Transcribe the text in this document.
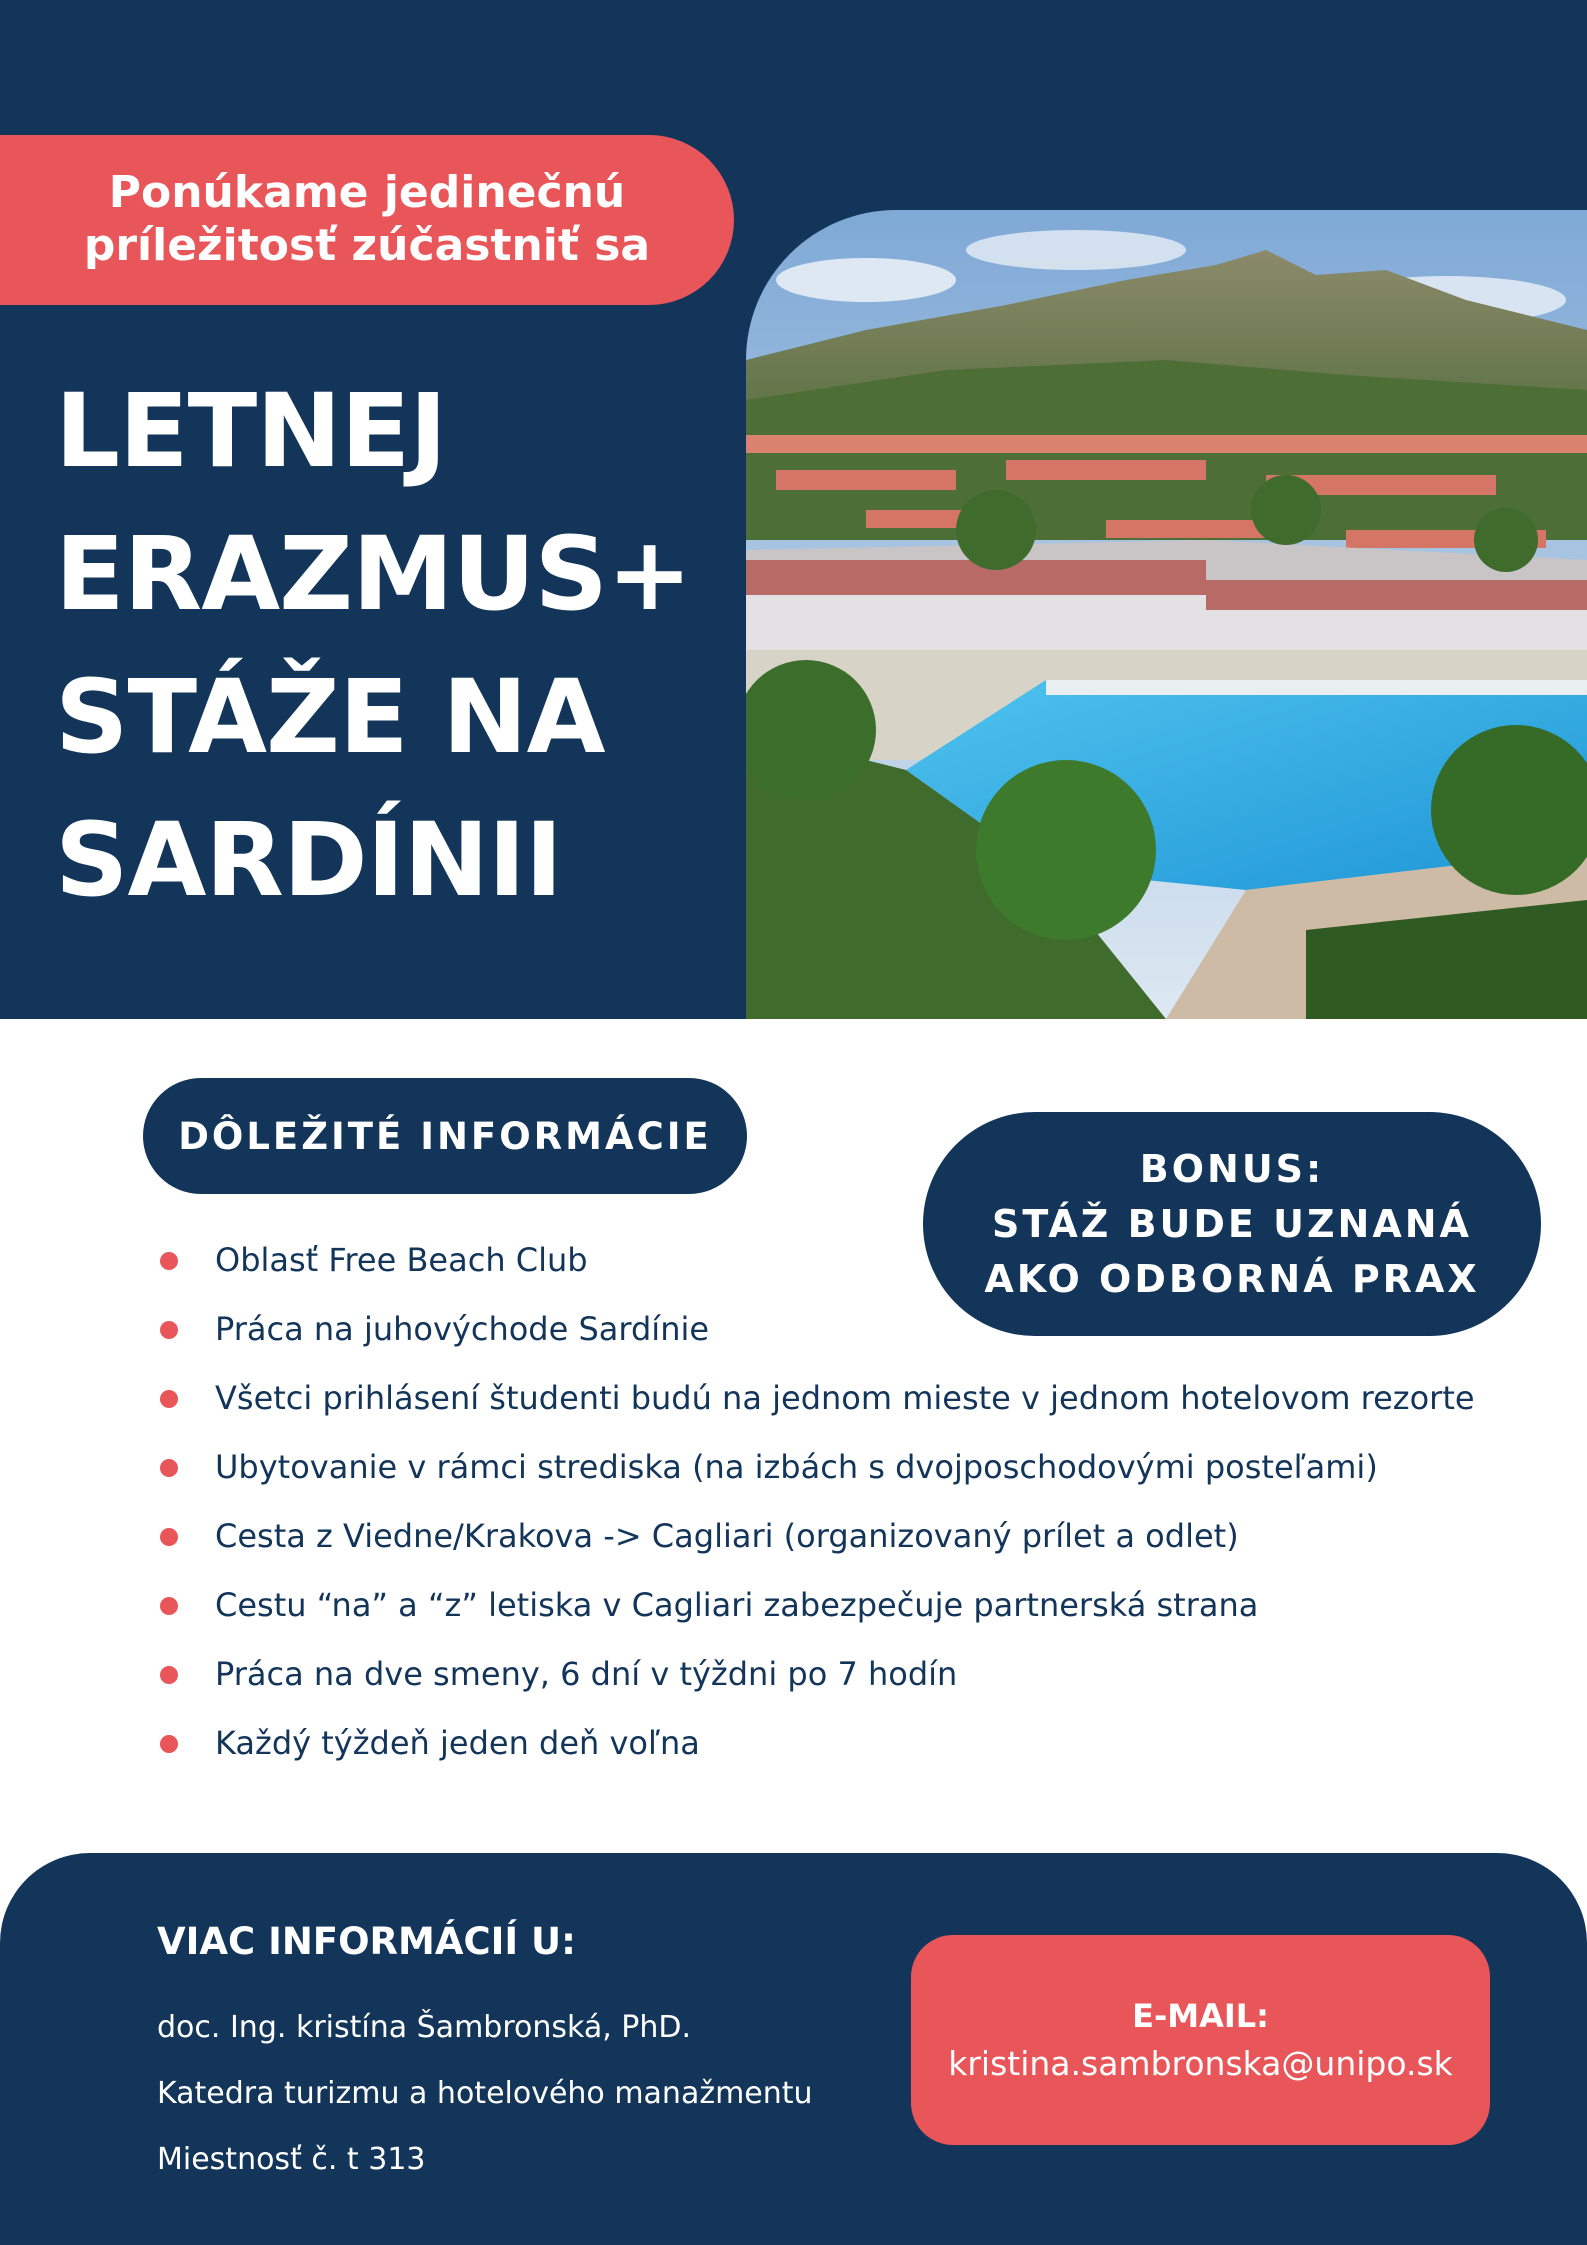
Ponúkame jedinečnú
príležitosť zúčastniť sa
LETNEJ
ERAZMUS+
STÁŽE NA
SARDÍNII
DÔLEŽITÉ INFORMÁCIE
BONUS:
STÁŽ BUDE UZNANÁ
AKO ODBORNÁ PRAX
Oblasť Free Beach Club
Práca na juhovýchode Sardínie
Všetci prihlásení študenti budú na jednom mieste v jednom hotelovom rezorte
Ubytovanie v rámci strediska (na izbách s dvojposchodovými posteľami)
Cesta z Viedne/Krakova -> Cagliari (organizovaný prílet a odlet)
Cestu “na” a “z” letiska v Cagliari zabezpečuje partnerská strana
Práca na dve smeny, 6 dní v týždni po 7 hodín
Každý týždeň jeden deň voľna
VIAC INFORMÁCIÍ U:
doc. Ing. kristína Šambronská, PhD.
Katedra turizmu a hotelového manažmentu
Miestnosť č. t 313
E-MAIL:
kristina.sambronska@unipo.sk
